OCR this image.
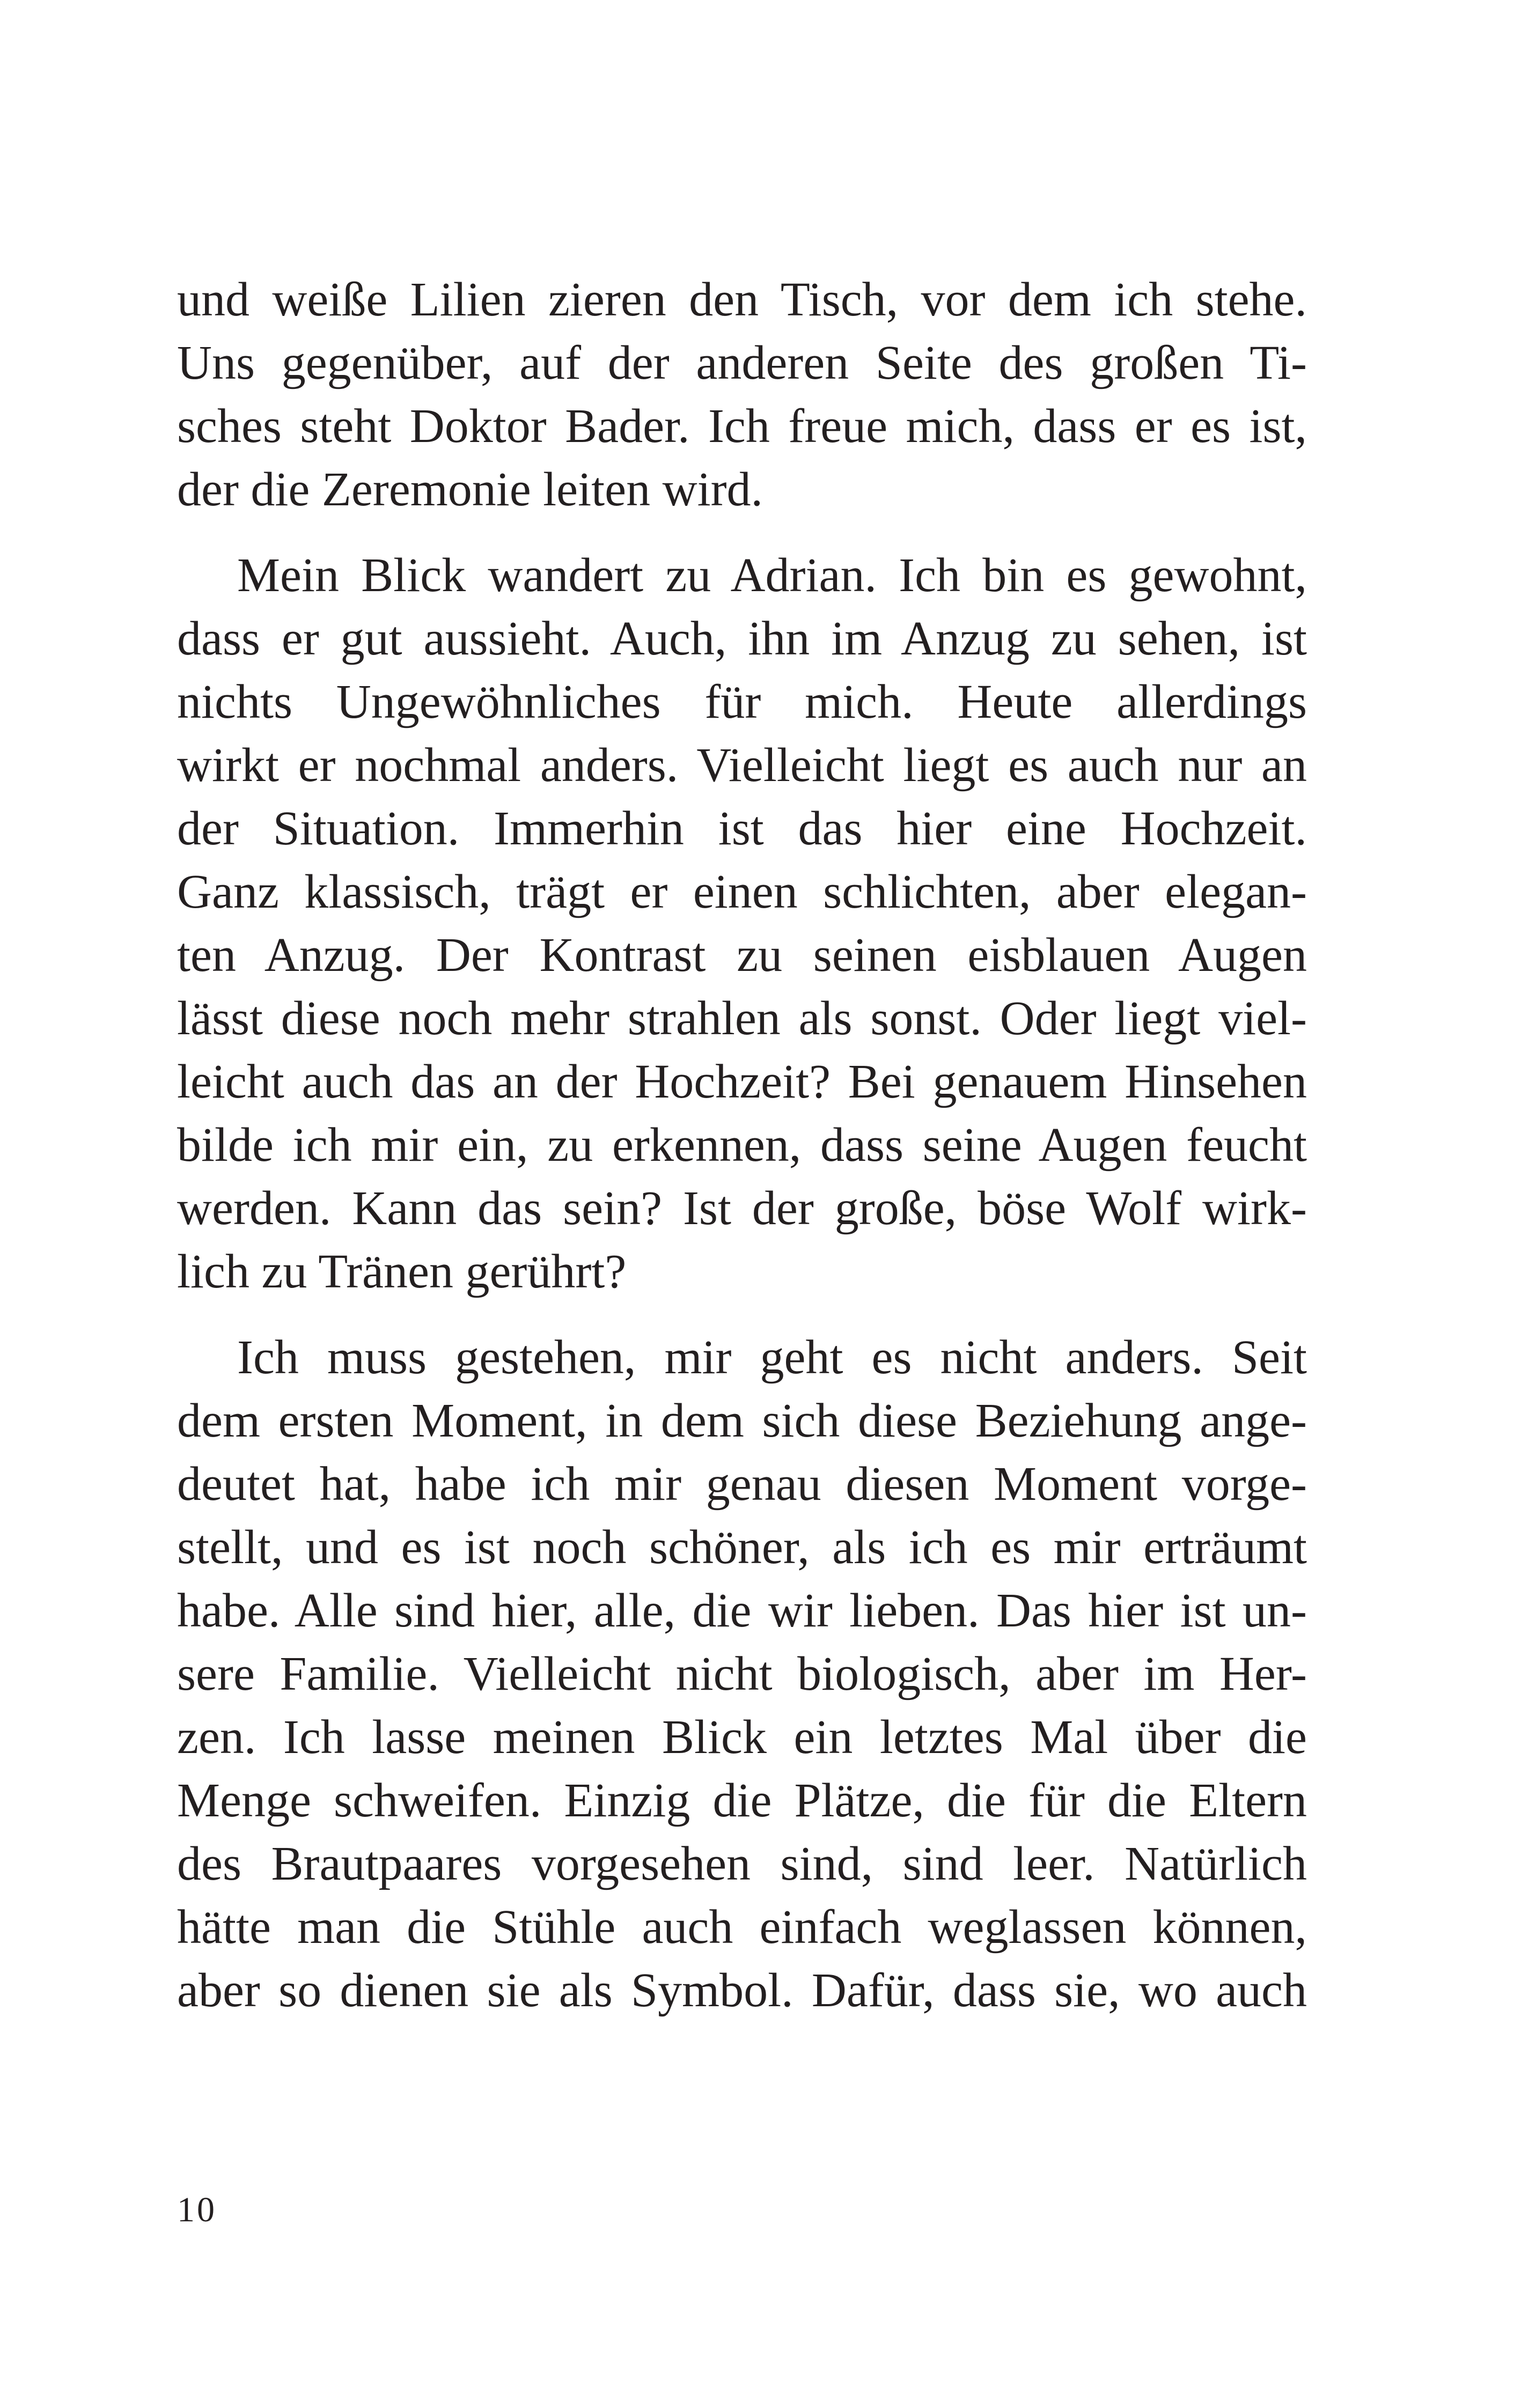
und weiße Lilien zieren den Tisch, vor dem ich stehe.
Uns gegenüber, auf der anderen Seite des großen Ti-
sches steht Doktor Bader. Ich freue mich, dass er es ist,
der die Zeremonie leiten wird.
Mein Blick wandert zu Adrian. Ich bin es gewohnt,
dass er gut aussieht. Auch, ihn im Anzug zu sehen, ist
nichts Ungewöhnliches für mich. Heute allerdings
wirkt er nochmal anders. Vielleicht liegt es auch nur an
der Situation. Immerhin ist das hier eine Hochzeit.
Ganz klassisch, trägt er einen schlichten, aber elegan-
ten Anzug. Der Kontrast zu seinen eisblauen Augen
lässt diese noch mehr strahlen als sonst. Oder liegt viel-
leicht auch das an der Hochzeit? Bei genauem Hinsehen
bilde ich mir ein, zu erkennen, dass seine Augen feucht
werden. Kann das sein? Ist der große, böse Wolf wirk-
lich zu Tränen gerührt?
Ich muss gestehen, mir geht es nicht anders. Seit
dem ersten Moment, in dem sich diese Beziehung ange-
deutet hat, habe ich mir genau diesen Moment vorge-
stellt, und es ist noch schöner, als ich es mir erträumt
habe. Alle sind hier, alle, die wir lieben. Das hier ist un-
sere Familie. Vielleicht nicht biologisch, aber im Her-
zen. Ich lasse meinen Blick ein letztes Mal über die
Menge schweifen. Einzig die Plätze, die für die Eltern
des Brautpaares vorgesehen sind, sind leer. Natürlich
hätte man die Stühle auch einfach weglassen können,
aber so dienen sie als Symbol. Dafür, dass sie, wo auch
10
